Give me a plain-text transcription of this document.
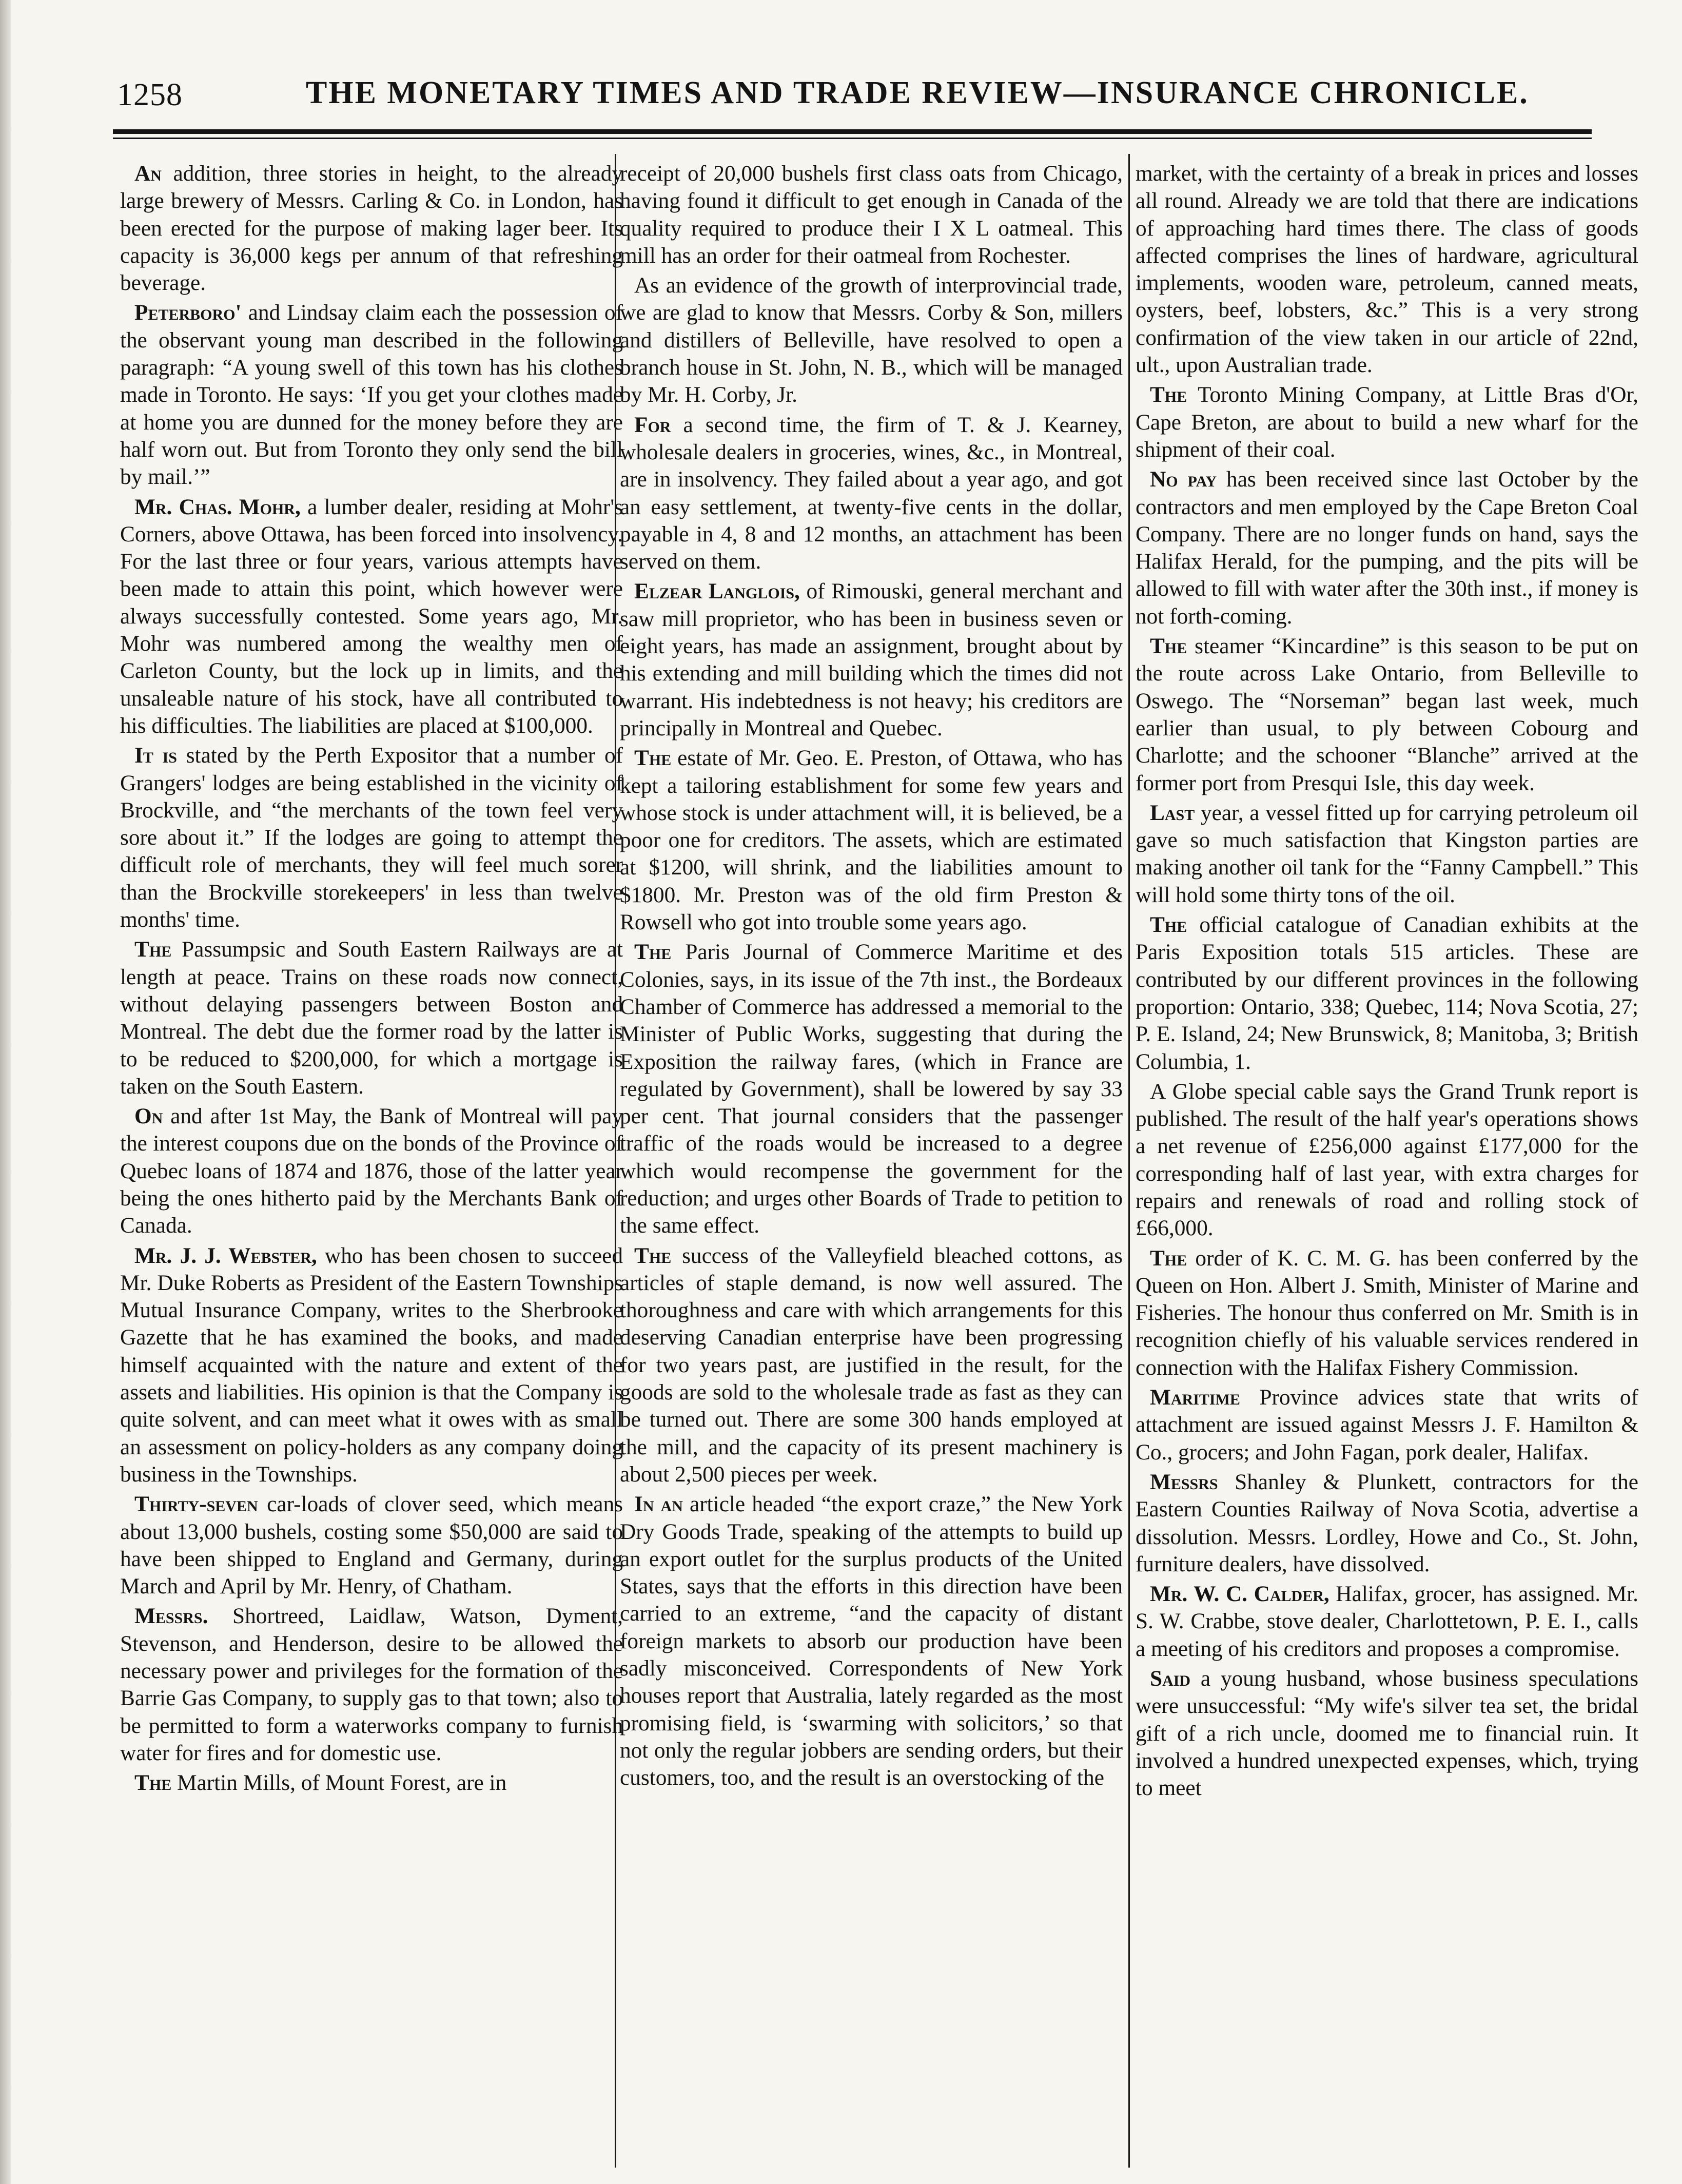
1258	THE MONETARY TIMES AND TRADE REVIEW—INSURANCE CHRONICLE.

An addition, three stories in height, to the already large brewery of Messrs. Carling & Co. in London, has been erected for the purpose of making lager beer. Its capacity is 36,000 kegs per annum of that refreshing beverage.

Peterboro' and Lindsay claim each the possession of the observant young man described in the following paragraph: “A young swell of this town has his clothes made in Toronto. He says: ‘If you get your clothes made at home you are dunned for the money before they are half worn out. But from Toronto they only send the bill by mail.’”

Mr. Chas. Mohr, a lumber dealer, residing at Mohr's Corners, above Ottawa, has been forced into insolvency. For the last three or four years, various attempts have been made to attain this point, which however were always successfully contested. Some years ago, Mr. Mohr was numbered among the wealthy men of Carleton County, but the lock up in limits, and the unsaleable nature of his stock, have all contributed to his difficulties. The liabilities are placed at $100,000.

It is stated by the Perth Expositor that a number of Grangers' lodges are being established in the vicinity of Brockville, and “the merchants of the town feel very sore about it.” If the lodges are going to attempt the difficult role of merchants, they will feel much sorer than the Brockville storekeepers' in less than twelve months' time.

The Passumpsic and South Eastern Railways are at length at peace. Trains on these roads now connect, without delaying passengers between Boston and Montreal. The debt due the former road by the latter is to be reduced to $200,000, for which a mortgage is taken on the South Eastern.

On and after 1st May, the Bank of Montreal will pay the interest coupons due on the bonds of the Province of Quebec loans of 1874 and 1876, those of the latter year being the ones hitherto paid by the Merchants Bank of Canada.

Mr. J. J. Webster, who has been chosen to succeed Mr. Duke Roberts as President of the Eastern Townships Mutual Insurance Company, writes to the Sherbrooke Gazette that he has examined the books, and made himself acquainted with the nature and extent of the assets and liabilities. His opinion is that the Company is quite solvent, and can meet what it owes with as small an assessment on policy-holders as any company doing business in the Townships.

Thirty-seven car-loads of clover seed, which means about 13,000 bushels, costing some $50,000 are said to have been shipped to England and Germany, during March and April by Mr. Henry, of Chatham.

Messrs. Shortreed, Laidlaw, Watson, Dyment, Stevenson, and Henderson, desire to be allowed the necessary power and privileges for the formation of the Barrie Gas Company, to supply gas to that town; also to be permitted to form a waterworks company to furnish water for fires and for domestic use.

The Martin Mills, of Mount Forest, are in

receipt of 20,000 bushels first class oats from Chicago, having found it difficult to get enough in Canada of the quality required to produce their I X L oatmeal. This mill has an order for their oatmeal from Rochester.

As an evidence of the growth of interprovincial trade, we are glad to know that Messrs. Corby & Son, millers and distillers of Belleville, have resolved to open a branch house in St. John, N. B., which will be managed by Mr. H. Corby, Jr.

For a second time, the firm of T. & J. Kearney, wholesale dealers in groceries, wines, &c., in Montreal, are in insolvency. They failed about a year ago, and got an easy settlement, at twenty-five cents in the dollar, payable in 4, 8 and 12 months, an attachment has been served on them.

Elzear Langlois, of Rimouski, general merchant and saw mill proprietor, who has been in business seven or eight years, has made an assignment, brought about by his extending and mill building which the times did not warrant. His indebtedness is not heavy; his creditors are principally in Montreal and Quebec.

The estate of Mr. Geo. E. Preston, of Ottawa, who has kept a tailoring establishment for some few years and whose stock is under attachment will, it is believed, be a poor one for creditors. The assets, which are estimated at $1200, will shrink, and the liabilities amount to $1800. Mr. Preston was of the old firm Preston & Rowsell who got into trouble some years ago.

The Paris Journal of Commerce Maritime et des Colonies, says, in its issue of the 7th inst., the Bordeaux Chamber of Commerce has addressed a memorial to the Minister of Public Works, suggesting that during the Exposition the railway fares, (which in France are regulated by Government), shall be lowered by say 33 per cent. That journal considers that the passenger traffic of the roads would be increased to a degree which would recompense the government for the reduction; and urges other Boards of Trade to petition to the same effect.

The success of the Valleyfield bleached cottons, as articles of staple demand, is now well assured. The thoroughness and care with which arrangements for this deserving Canadian enterprise have been progressing for two years past, are justified in the result, for the goods are sold to the wholesale trade as fast as they can be turned out. There are some 300 hands employed at the mill, and the capacity of its present machinery is about 2,500 pieces per week.

In an article headed “the export craze,” the New York Dry Goods Trade, speaking of the attempts to build up an export outlet for the surplus products of the United States, says that the efforts in this direction have been carried to an extreme, “and the capacity of distant foreign markets to absorb our production have been sadly misconceived. Correspondents of New York houses report that Australia, lately regarded as the most promising field, is ‘swarming with solicitors,’ so that not only the regular jobbers are sending orders, but their customers, too, and the result is an overstocking of the

market, with the certainty of a break in prices and losses all round. Already we are told that there are indications of approaching hard times there. The class of goods affected comprises the lines of hardware, agricultural implements, wooden ware, petroleum, canned meats, oysters, beef, lobsters, &c.” This is a very strong confirmation of the view taken in our article of 22nd, ult., upon Australian trade.

The Toronto Mining Company, at Little Bras d'Or, Cape Breton, are about to build a new wharf for the shipment of their coal.

No pay has been received since last October by the contractors and men employed by the Cape Breton Coal Company. There are no longer funds on hand, says the Halifax Herald, for the pumping, and the pits will be allowed to fill with water after the 30th inst., if money is not forth-coming.

The steamer “Kincardine” is this season to be put on the route across Lake Ontario, from Belleville to Oswego. The “Norseman” began last week, much earlier than usual, to ply between Cobourg and Charlotte; and the schooner “Blanche” arrived at the former port from Presqui Isle, this day week.

Last year, a vessel fitted up for carrying petroleum oil gave so much satisfaction that Kingston parties are making another oil tank for the “Fanny Campbell.” This will hold some thirty tons of the oil.

The official catalogue of Canadian exhibits at the Paris Exposition totals 515 articles. These are contributed by our different provinces in the following proportion: Ontario, 338; Quebec, 114; Nova Scotia, 27; P. E. Island, 24; New Brunswick, 8; Manitoba, 3; British Columbia, 1.

A Globe special cable says the Grand Trunk report is published. The result of the half year's operations shows a net revenue of £256,000 against £177,000 for the corresponding half of last year, with extra charges for repairs and renewals of road and rolling stock of £66,000.

The order of K. C. M. G. has been conferred by the Queen on Hon. Albert J. Smith, Minister of Marine and Fisheries. The honour thus conferred on Mr. Smith is in recognition chiefly of his valuable services rendered in connection with the Halifax Fishery Commission.

Maritime Province advices state that writs of attachment are issued against Messrs J. F. Hamilton & Co., grocers; and John Fagan, pork dealer, Halifax.

Messrs Shanley & Plunkett, contractors for the Eastern Counties Railway of Nova Scotia, advertise a dissolution. Messrs. Lordley, Howe and Co., St. John, furniture dealers, have dissolved.

Mr. W. C. Calder, Halifax, grocer, has assigned. Mr. S. W. Crabbe, stove dealer, Charlottetown, P. E. I., calls a meeting of his creditors and proposes a compromise.

Said a young husband, whose business speculations were unsuccessful: “My wife's silver tea set, the bridal gift of a rich uncle, doomed me to financial ruin. It involved a hundred unexpected expenses, which, trying to meet
